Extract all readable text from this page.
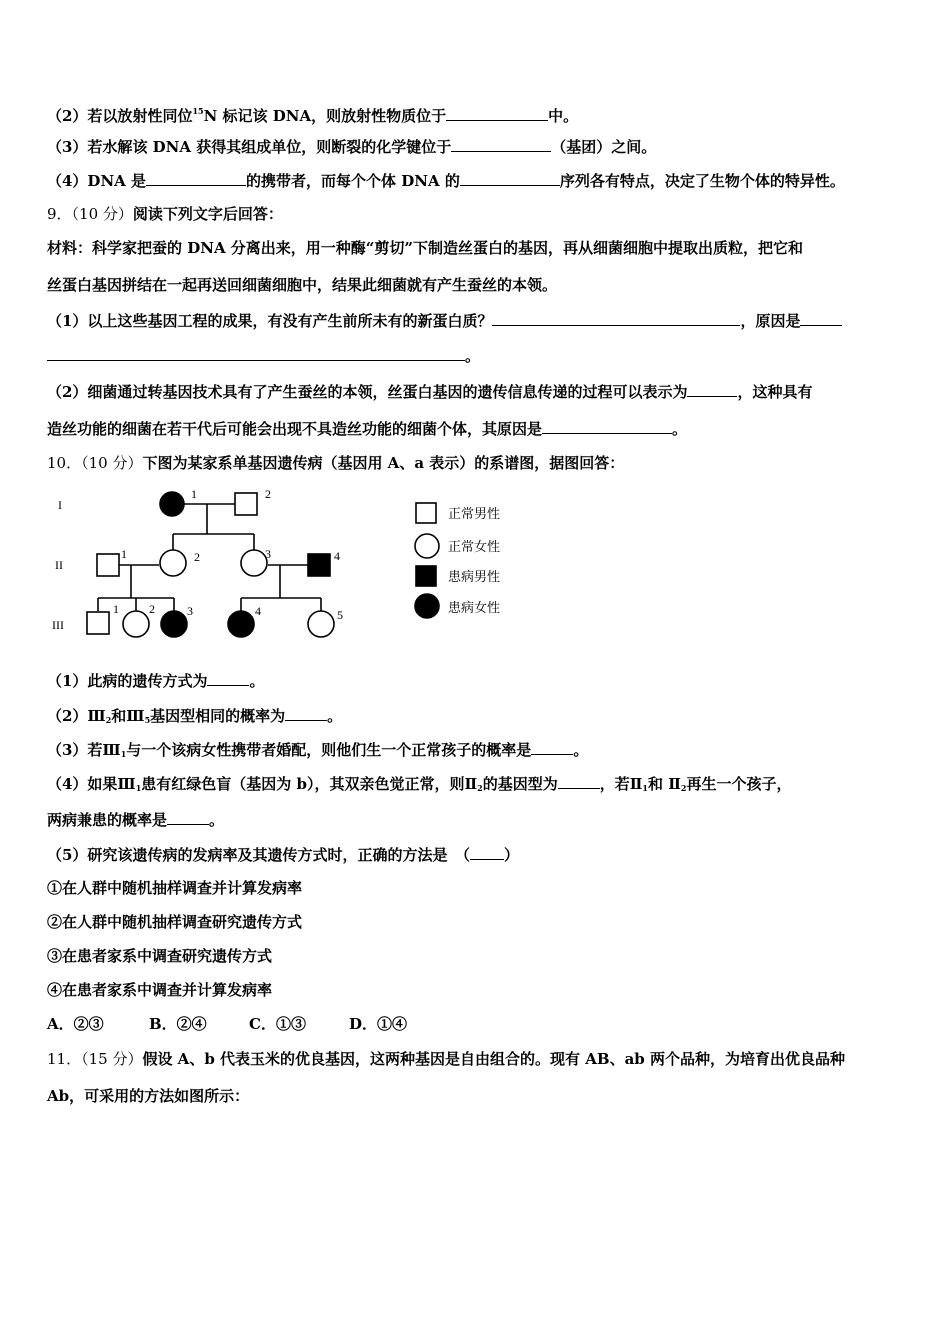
（2）若以放射性同位$^{15}$N 标记该 DNA，则放射性物质位于	中。
（3）若水解该 DNA 获得其组成单位，则断裂的化学键位于	（基团）之间。
（4）DNA 是	的携带者，而每个个体 DNA 的	序列各有特点，决定了生物个体的特异性。
9．（10 分）阅读下列文字后回答：
材料：科学家把蚕的 DNA 分离出来，用一种酶“剪切”下制造丝蛋白的基因，再从细菌细胞中提取出质粒，把它和
丝蛋白基因拼结在一起再送回细菌细胞中，结果此细菌就有产生蚕丝的本领。
（1）以上这些基因工程的成果，有没有产生前所未有的新蛋白质？	，原因是
。
（2）细菌通过转基因技术具有了产生蚕丝的本领，丝蛋白基因的遗传信息传递的过程可以表示为	，这种具有
造丝功能的细菌在若干代后可能会出现不具造丝功能的细菌个体，其原因是	。
10．（10 分）下图为某家系单基因遗传病（基因用 A、a 表示）的系谱图，据图回答：
I
II
III
1	2
1	2	3	4
1	2	3	4	5
正常男性
正常女性
患病男性
患病女性
（1）此病的遗传方式为	。
$(2)Ⅲ_2$和$Ⅲ_5$基因型相同的概率为	。
（3）若$Ⅲ_1$与一个该病女性携带者婚配，则他们生一个正常孩子的概率是	。
（4）如果$Ⅲ_1$患有红绿色盲（基因为 b），其双亲色觉正常，则$Ⅱ_2$的基因型为	，若$Ⅱ_1$和 $Ⅱ_2$再生一个孩子，
两病兼患的概率是	。
（5）研究该遗传病的发病率及其遗传方式时，正确的方法是　（ ）
①在人群中随机抽样调查并计算发病率
②在人群中随机抽样调查研究遗传方式
③在患者家系中调查研究遗传方式
④在患者家系中调查并计算发病率
A．②③	B．②④	C．①③	D．①④
11．（15 分）假设 A、b 代表玉米的优良基因，这两种基因是自由组合的。现有 AB、ab 两个品种，为培育出优良品种
Ab，可采用的方法如图所示：
